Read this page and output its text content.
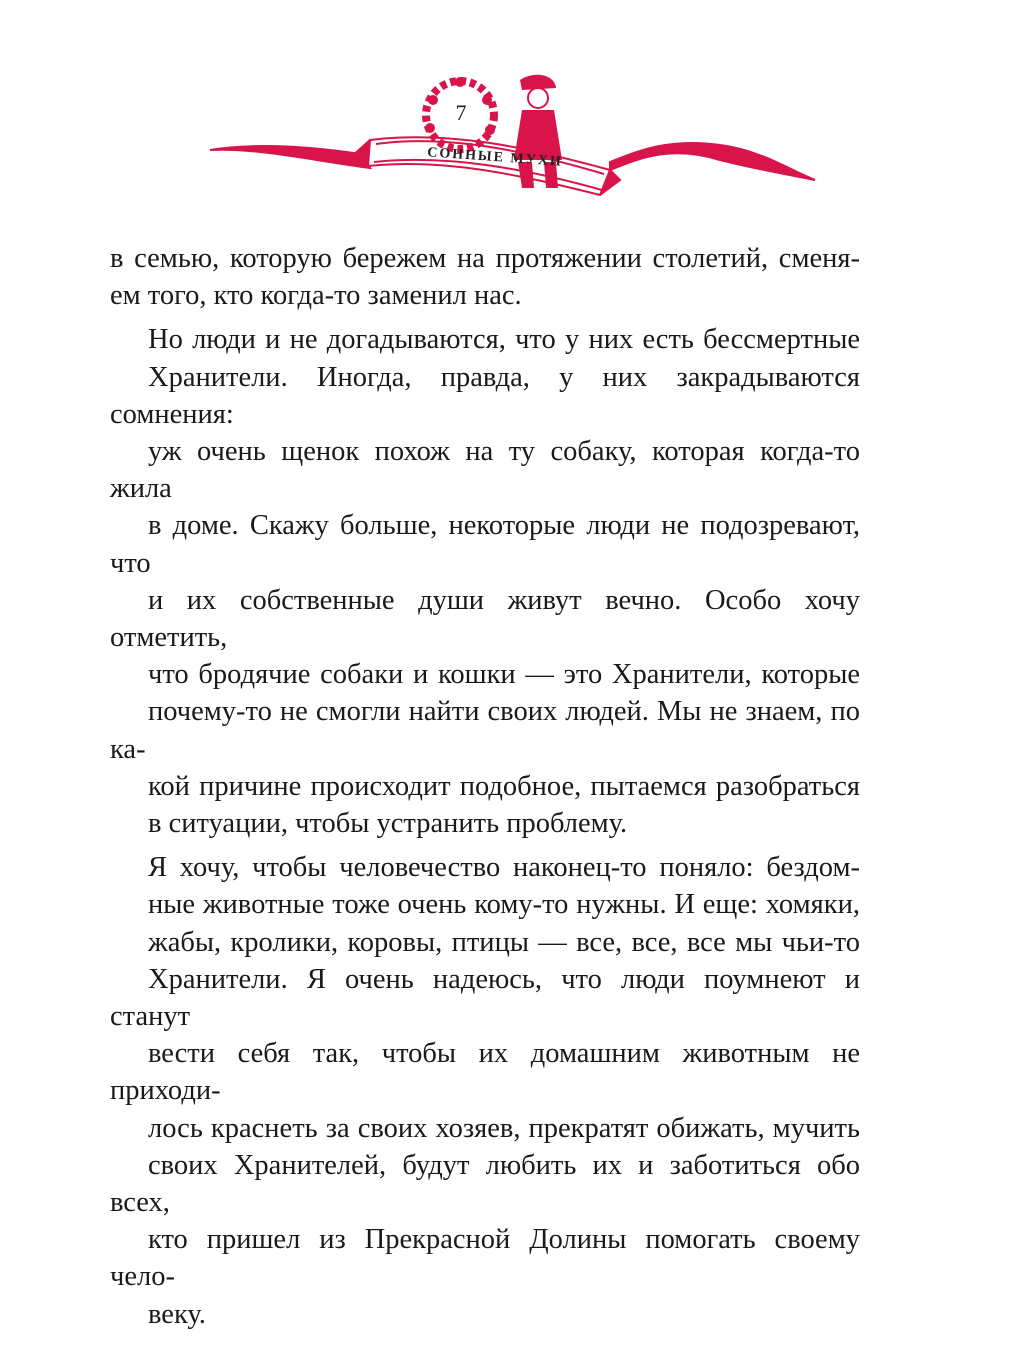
7
СОННЫЕ МУХИ

в семью, которую бережем на протяжении столетий, сменя-
ем того, кто когда-то заменил нас.

Но люди и не догадываются, что у них есть бессмертные
Хранители. Иногда, правда, у них закрадываются сомнения:
уж очень щенок похож на ту собаку, которая когда-то жила
в доме. Скажу больше, некоторые люди не подозревают, что
и их собственные души живут вечно. Особо хочу отметить,
что бродячие собаки и кошки — это Хранители, которые
почему-то не смогли найти своих людей. Мы не знаем, по ка-
кой причине происходит подобное, пытаемся разобраться
в ситуации, чтобы устранить проблему.

Я хочу, чтобы человечество наконец-то поняло: бездом-
ные животные тоже очень кому-то нужны. И еще: хомяки,
жабы, кролики, коровы, птицы — все, все, все мы чьи-то
Хранители. Я очень надеюсь, что люди поумнеют и станут
вести себя так, чтобы их домашним животным не приходи-
лось краснеть за своих хозяев, прекратят обижать, мучить
своих Хранителей, будут любить их и заботиться обо всех,
кто пришел из Прекрасной Долины помогать своему чело-
веку.
